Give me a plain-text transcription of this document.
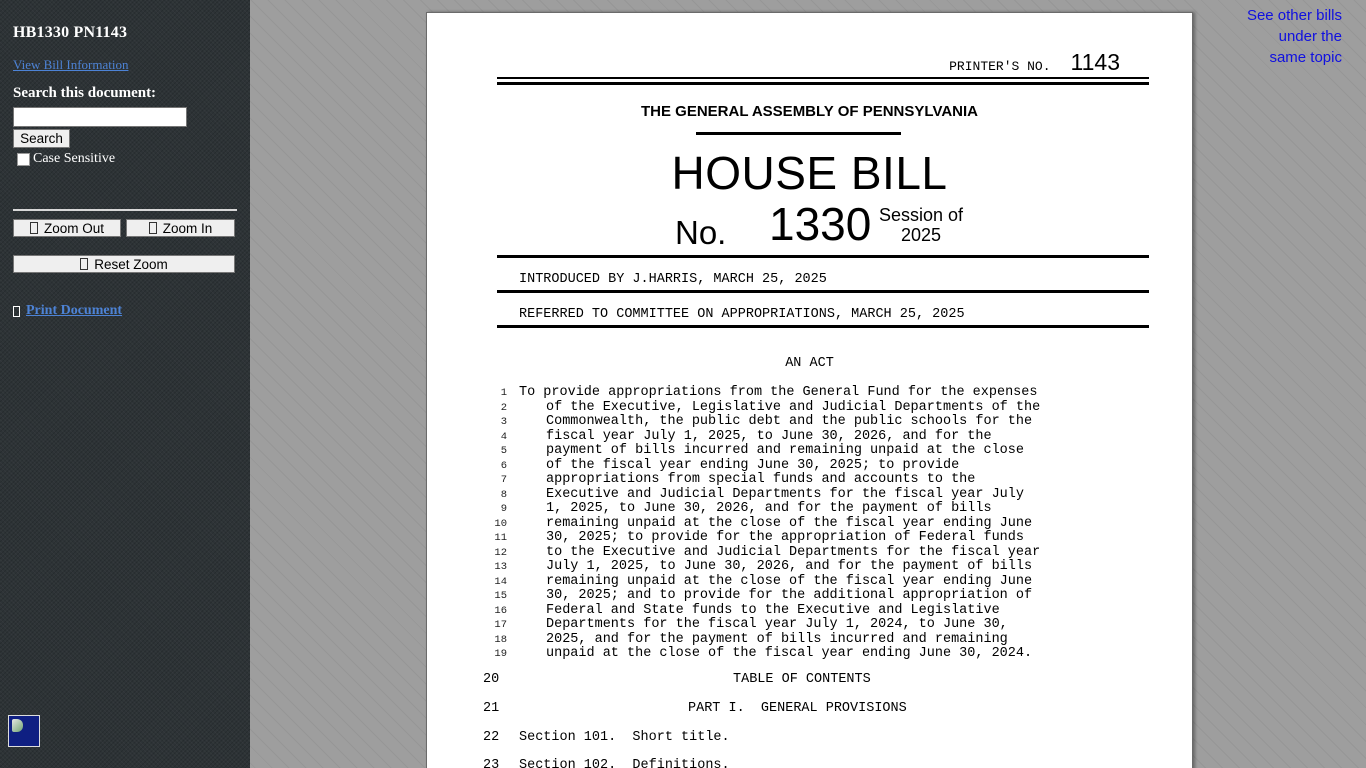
HB1330 PN1143
View Bill Information
Search this document:
Search
Case Sensitive
Zoom Out	Zoom In
Reset Zoom
Print Document
See other bills
under the
same topic
PRINTER'S NO. 1143
THE GENERAL ASSEMBLY OF PENNSYLVANIA
HOUSE BILL
No. 1330 Session of
2025
INTRODUCED BY J.HARRIS, MARCH 25, 2025
REFERRED TO COMMITTEE ON APPROPRIATIONS, MARCH 25, 2025
AN ACT
1 To provide appropriations from the General Fund for the expenses
2	of the Executive, Legislative and Judicial Departments of the
3	Commonwealth, the public debt and the public schools for the
4	fiscal year July 1, 2025, to June 30, 2026, and for the
5	payment of bills incurred and remaining unpaid at the close
6	of the fiscal year ending June 30, 2025; to provide
7	appropriations from special funds and accounts to the
8	Executive and Judicial Departments for the fiscal year July
9	1, 2025, to June 30, 2026, and for the payment of bills
10	remaining unpaid at the close of the fiscal year ending June
11	30, 2025; to provide for the appropriation of Federal funds
12	to the Executive and Judicial Departments for the fiscal year
13	July 1, 2025, to June 30, 2026, and for the payment of bills
14	remaining unpaid at the close of the fiscal year ending June
15	30, 2025; and to provide for the additional appropriation of
16	Federal and State funds to the Executive and Legislative
17	Departments for the fiscal year July 1, 2024, to June 30,
18	2025, and for the payment of bills incurred and remaining
19	unpaid at the close of the fiscal year ending June 30, 2024.
20	TABLE OF CONTENTS
21	PART I.  GENERAL PROVISIONS
22 Section 101.  Short title.
23 Section 102.  Definitions.
